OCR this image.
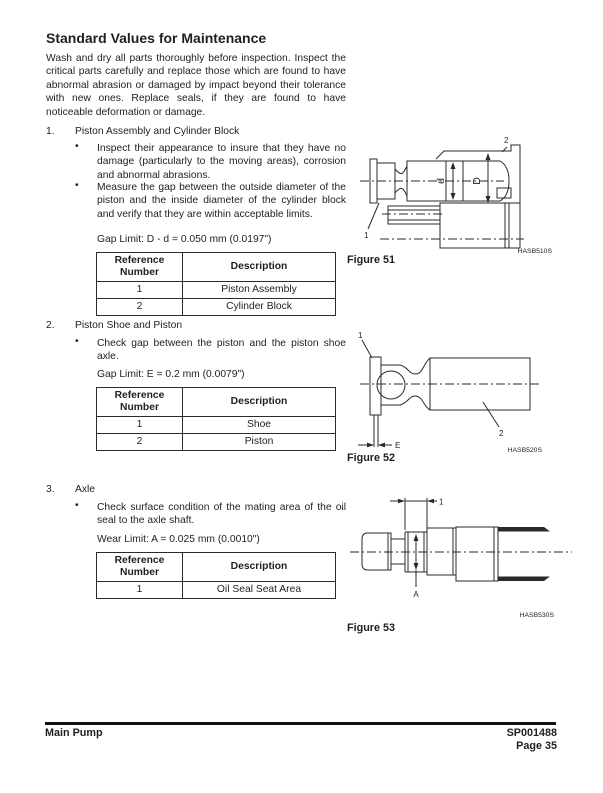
Standard Values for Maintenance
Wash and dry all parts thoroughly before inspection. Inspect the critical parts carefully and replace those which are found to have abnormal abrasion or damaged by impact beyond their tolerance with new ones. Replace seals, if they are found to have noticeable deformation or damage.
1. Piston Assembly and Cylinder Block
• Inspect their appearance to insure that they have no damage (particularly to the moving areas), corrosion and abnormal abrasions.
• Measure the gap between the outside diameter of the piston and the inside diameter of the cylinder block and verify that they are within acceptable limits.
Gap Limit: D - d = 0.050 mm (0.0197")
Reference Number	Description
1	Piston Assembly
2	Cylinder Block
d D
1
2
HASB510S
Figure 51
2. Piston Shoe and Piston
• Check gap between the piston and the piston shoe axle.
Gap Limit: E = 0.2 mm (0.0079")
Reference Number	Description
1	Shoe
2	Piston
1
2
E
HASB520S
Figure 52
3. Axle
• Check surface condition of the mating area of the oil seal to the axle shaft.
Wear Limit: A = 0.025 mm (0.0010")
Reference Number	Description
1	Oil Seal Seat Area
1
A
HASB530S
Figure 53
Main Pump	SP001488
Page 35
